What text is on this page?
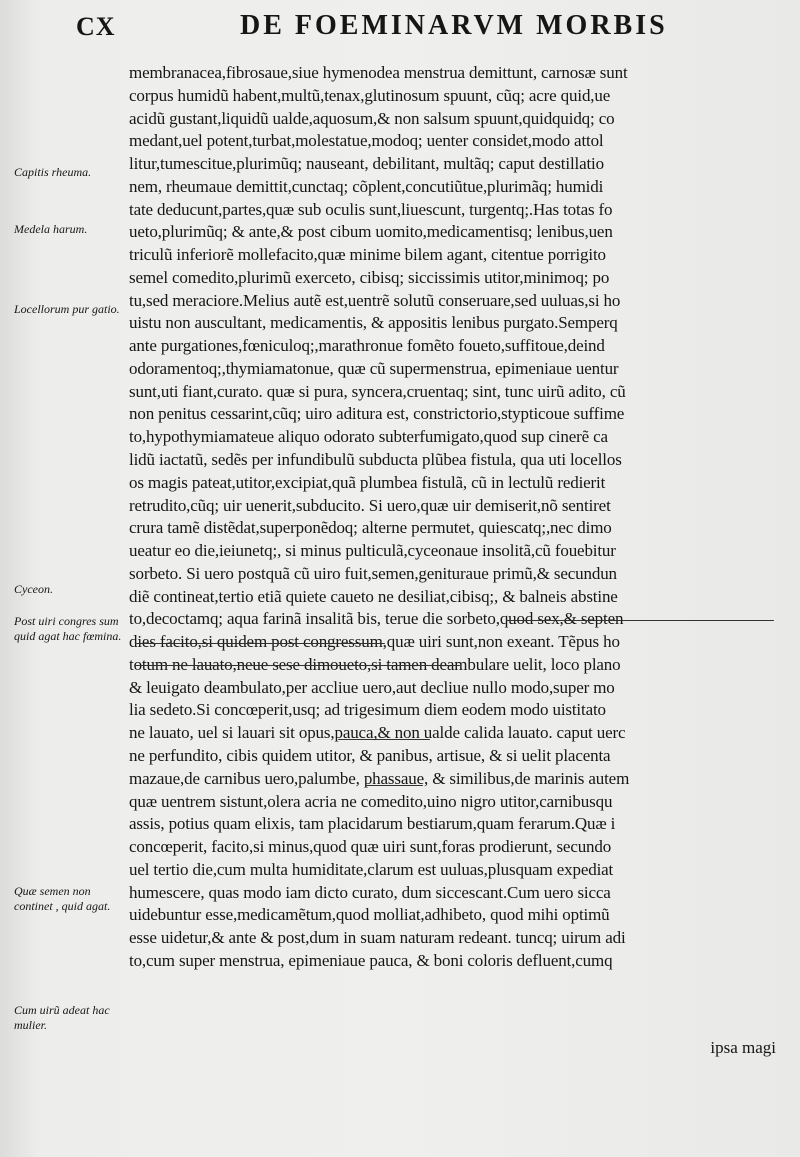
CX	DE FOEMINARVM MORBIS

membranacea,fibrosaue,siue hymenodea menstrua demittunt, carnosæ sunt
corpus humidũ habent,multũ,tenax,glutinosum spuunt, cũq; acre quid,ue
acidũ gustant,liquidũ ualde,aquosum,& non salsum spuunt,quidquidq; co
medant,uel potent,turbat,molestatue,modoq; uenter considet,modo attol
litur,tumescitue,plurimũq; nauseant, debilitant, multãq; caput destillatio
nem, rheumaue demittit,cunctaq; cõplent,concutiũtue,plurimãq; humidi
tate deducunt,partes,quæ sub oculis sunt,liuescunt, turgentq;.Has totas fo
ueto,plurimũq; & ante,& post cibum uomito,medicamentisq; lenibus,uen
triculũ inferiorẽ mollefacito,quæ minime bilem agant, citentue porrigito
semel comedito,plurimũ exerceto, cibisq; siccissimis utitor,minimoq; po
tu,sed meraciore.Melius autẽ est,uentrẽ solutũ conseruare,sed uuluas,si ho
uistu non auscultant, medicamentis, & appositis lenibus purgato.Semperq
ante purgationes,fœniculoq;,marathronue fomẽto foueto,suffitoue,deind
odoramentoq;,thymiamatonue, quæ cũ supermenstrua, epimeniaue uentur
sunt,uti fiant,curato. quæ si pura, syncera,cruentaq; sint, tunc uirũ adito, cũ
non penitus cessarint,cũq; uiro aditura est, constrictorio,stypticoue suffime
to,hypothymiamateue aliquo odorato subterfumigato,quod sup cinerẽ ca
lidũ iactatũ, sedẽs per infundibulũ subducta plũbea fistula, qua uti locellos
os magis pateat,utitor,excipiat,quã plumbea fistulã, cũ in lectulũ redierit
retrudito,cũq; uir uenerit,subducito. Si uero,quæ uir demiserit,nõ sentiret
crura tamẽ distẽdat,superponẽdoq; alterne permutet, quiescatq;,nec dimo
ueatur eo die,ieiunetq;, si minus pulticulã,cyceonaue insolitã,cũ fouebitur
sorbeto. Si uero postquã cũ uiro fuit,semen,genituraue primũ,& secundun
diẽ contineat,tertio etiã quiete caueto ne desiliat,cibisq;, & balneis abstine
to,decoctamq; aqua farinã insalitã bis, terue die sorbeto,quod sex,& septen
dies facito,si quidem post congressum,quæ uiri sunt,non exeant. Tẽpus ho
totum ne lauato,neue sese dimoueto,si tamen deambulare uelit, loco plano
& leuigato deambulato,per accliue uero,aut decliue nullo modo,super mo
lia sedeto.Si concœperit,usq; ad trigesimum diem eodem modo uistitato
ne lauato, uel si lauari sit opus,pauca,& non ualde calida lauato. caput uerc
ne perfundito, cibis quidem utitor, & panibus, artisue, & si uelit placenta
mazaue,de carnibus uero,palumbe, phassaue, & similibus,de marinis autem
quæ uentrem sistunt,olera acria ne comedito,uino nigro utitor,carnibusqu
assis, potius quam elixis, tam placidarum bestiarum,quam ferarum.Quæ i
concœperit, facito,si minus,quod quæ uiri sunt,foras prodierunt, secundo
uel tertio die,cum multa humiditate,clarum est uuluas,plusquam expediat
humescere, quas modo iam dicto curato, dum siccescant.Cum uero sicca
uidebuntur esse,medicamẽtum,quod molliat,adhibeto, quod mihi optimũ
esse uidetur,& ante & post,dum in suam naturam redeant. tuncq; uirum adi
to,cum super menstrua, epimeniaue pauca, & boni coloris defluent,cumq
Capitis rheuma.
Medela harum.
Locellorum pur gatio.
Cyceon.
Post uiri congres sum quid agat hac fœmina.
Quæ semen non continet , quid agat.
Cum uirũ adeat hac mulier.
ipsa magi
